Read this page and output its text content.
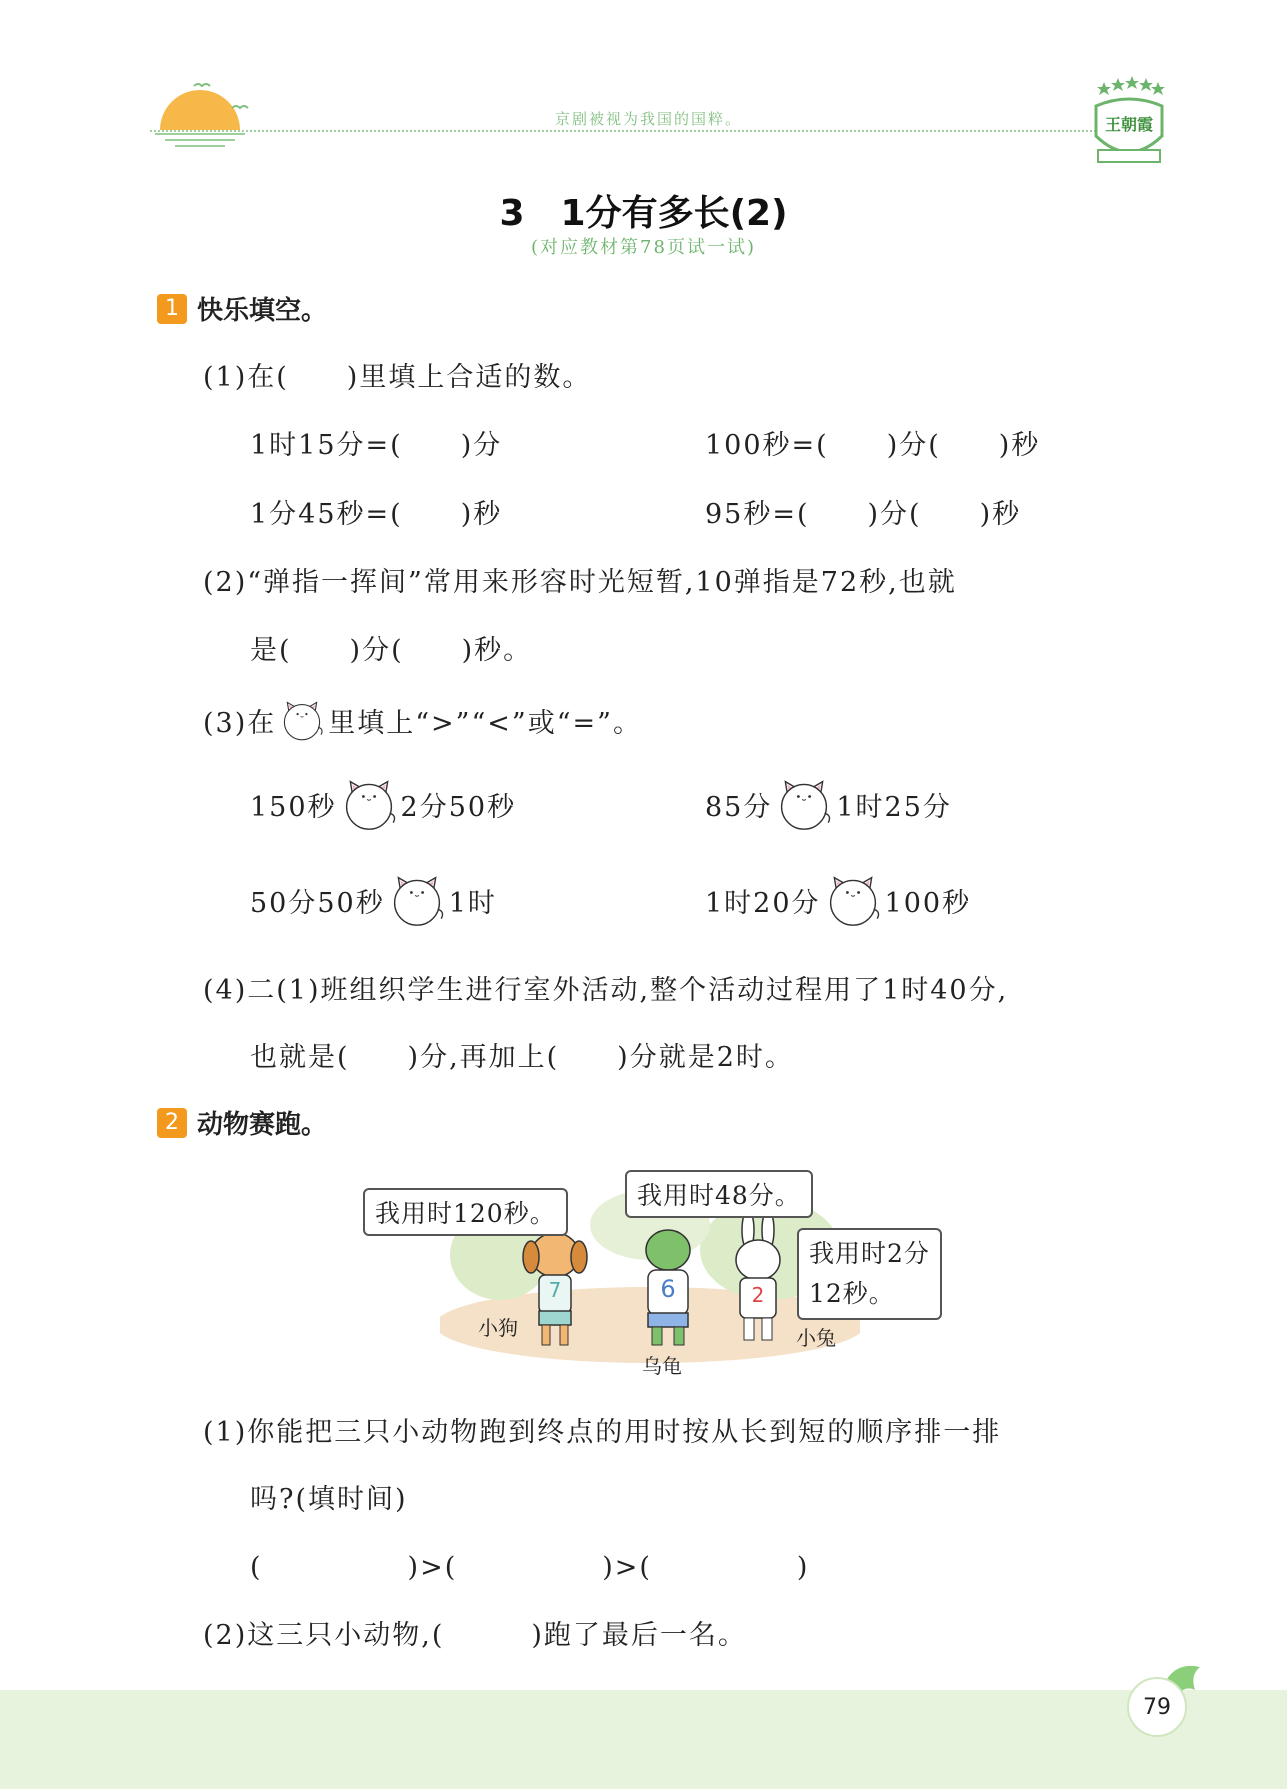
京剧被视为我国的国粹。	王朝霞
3　1分有多长(2)
(对应教材第78页试一试)
1 快乐填空。
(1)在(　　)里填上合适的数。
1时15分=(　　)分	100秒=(　　)分(　　)秒
1分45秒=(　　)秒	95秒=(　　)分(　　)秒
(2)“弹指一挥间”常用来形容时光短暂,10弹指是72秒,也就
是(　　)分(　　)秒。
(3)在 里填上“>”“<”或“=”。
150秒 2分50秒	85分 1时25分
50分50秒 1时	1时20分 100秒
(4)二(1)班组织学生进行室外活动,整个活动过程用了1时40分,
也就是(　　)分,再加上(　　)分就是2时。
2 动物赛跑。
7	6	2
我用时120秒。
我用时48分。
我用时2分
12秒。
小狗
乌龟
小兔
(1)你能把三只小动物跑到终点的用时按从长到短的顺序排一排
吗?(填时间)
(　　　　　)>(　　　　　)>(　　　　　)
(2)这三只小动物,(　　　)跑了最后一名。
79
